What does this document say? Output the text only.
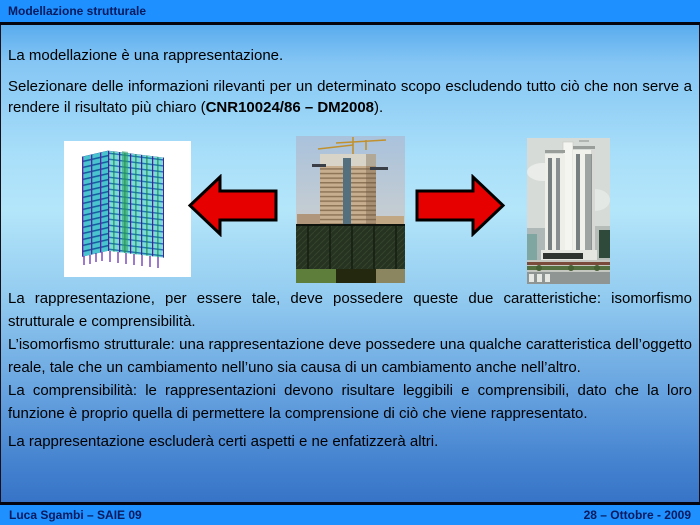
Modellazione strutturale

La modellazione è una rappresentazione.

Selezionare delle informazioni rilevanti per un determinato scopo escludendo tutto ciò che non serve a rendere il risultato più chiaro (CNR10024/86 – DM2008).

La rappresentazione, per essere tale, deve possedere queste due caratteristiche: isomorfismo strutturale e comprensibilità.

L’isomorfismo strutturale: una rappresentazione deve possedere una qualche caratteristica dell’oggetto reale, tale che un cambiamento nell’uno sia causa di un cambiamento anche nell’altro.

La comprensibilità: le rappresentazioni devono risultare leggibili e comprensibili, dato che la loro funzione è proprio quella di permettere la comprensione di ciò che viene rappresentato.

La rappresentazione escluderà certi aspetti e ne enfatizzerà altri.

Luca Sgambi – SAIE 09	28 – Ottobre - 2009
